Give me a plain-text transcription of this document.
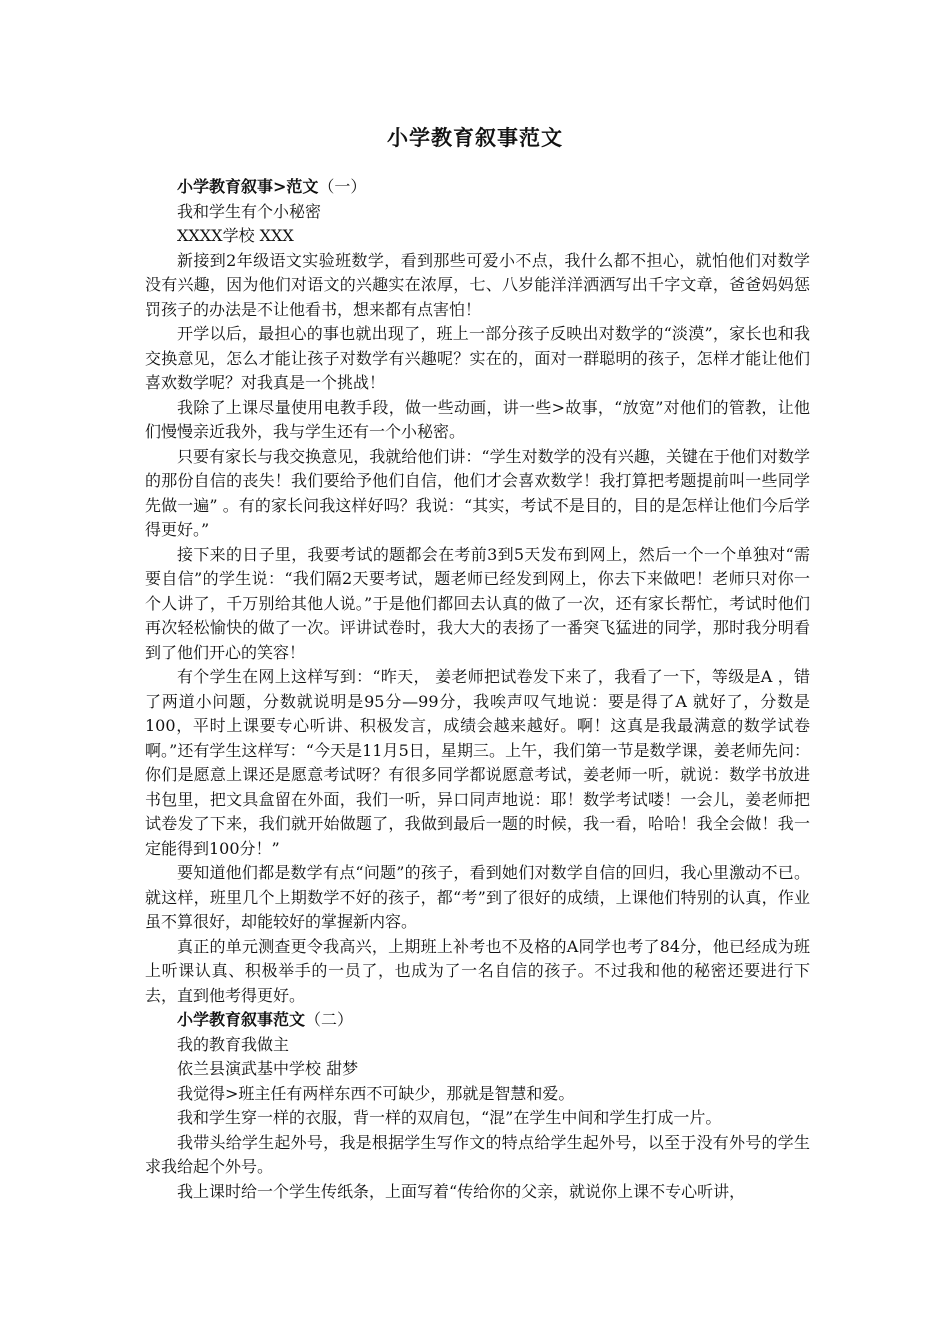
小学教育叙事范文

小学教育叙事>范文（一）

我和学生有个小秘密

XXXX学校 XXX

新接到2年级语文实验班数学，看到那些可爱小不点，我什么都不担心，就怕他们对数学没有兴趣，因为他们对语文的兴趣实在浓厚，七、八岁能洋洋洒洒写出千字文章，爸爸妈妈惩罚孩子的办法是不让他看书，想来都有点害怕！

开学以后，最担心的事也就出现了，班上一部分孩子反映出对数学的“淡漠”，家长也和我交换意见，怎么才能让孩子对数学有兴趣呢？实在的，面对一群聪明的孩子，怎样才能让他们喜欢数学呢？对我真是一个挑战！

我除了上课尽量使用电教手段，做一些动画，讲一些>故事，“放宽”对他们的管教，让他们慢慢亲近我外，我与学生还有一个小秘密。

只要有家长与我交换意见，我就给他们讲：“学生对数学的没有兴趣，关键在于他们对数学的那份自信的丧失！我们要给予他们自信，他们才会喜欢数学！我打算把考题提前叫一些同学先做一遍” 。有的家长问我这样好吗？我说：“其实，考试不是目的，目的是怎样让他们今后学得更好。”

接下来的日子里，我要考试的题都会在考前3到5天发布到网上，然后一个一个单独对“需要自信”的学生说：“我们隔2天要考试，题老师已经发到网上，你去下来做吧！老师只对你一个人讲了，千万别给其他人说。”于是他们都回去认真的做了一次，还有家长帮忙，考试时他们再次轻松愉快的做了一次。评讲试卷时，我大大的表扬了一番突飞猛进的同学，那时我分明看到了他们开心的笑容！

有个学生在网上这样写到：“昨天， 姜老师把试卷发下来了，我看了一下，等级是A ，错了两道小问题，分数就说明是95分—99分，我唉声叹气地说：要是得了A 就好了，分数是100，平时上课要专心听讲、积极发言，成绩会越来越好。啊！这真是我最满意的数学试卷啊。”还有学生这样写：“今天是11月5日，星期三。上午，我们第一节是数学课，姜老师先问：你们是愿意上课还是愿意考试呀？有很多同学都说愿意考试，姜老师一听，就说：数学书放进书包里，把文具盒留在外面，我们一听，异口同声地说：耶！数学考试喽！一会儿，姜老师把试卷发了下来，我们就开始做题了，我做到最后一题的时候，我一看，哈哈！我全会做！我一定能得到100分！”

要知道他们都是数学有点“问题”的孩子，看到她们对数学自信的回归，我心里激动不已。就这样，班里几个上期数学不好的孩子，都“考”到了很好的成绩，上课他们特别的认真，作业虽不算很好，却能较好的掌握新内容。

真正的单元测查更令我高兴，上期班上补考也不及格的A同学也考了84分，他已经成为班上听课认真、积极举手的一员了，也成为了一名自信的孩子。不过我和他的秘密还要进行下去，直到他考得更好。

小学教育叙事范文（二）

我的教育我做主

依兰县演武基中学校 甜梦

我觉得>班主任有两样东西不可缺少，那就是智慧和爱。

我和学生穿一样的衣服，背一样的双肩包，“混”在学生中间和学生打成一片。

我带头给学生起外号，我是根据学生写作文的特点给学生起外号，以至于没有外号的学生求我给起个外号。

我上课时给一个学生传纸条，上面写着“传给你的父亲，就说你上课不专心听讲，
